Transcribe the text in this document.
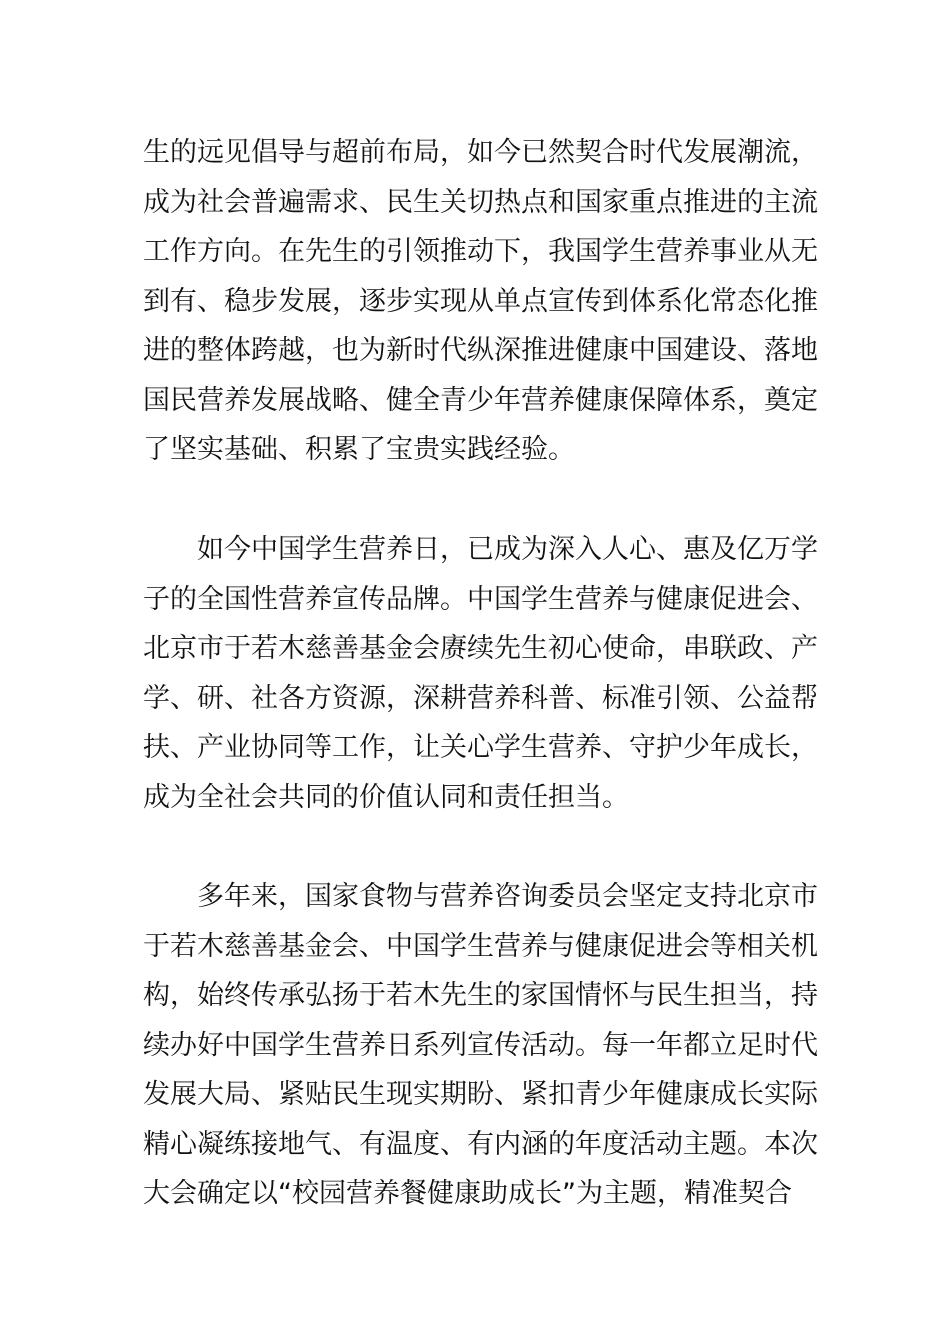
生的远见倡导与超前布局，如今已然契合时代发展潮流，
成为社会普遍需求、民生关切热点和国家重点推进的主流
工作方向。在先生的引领推动下，我国学生营养事业从无
到有、稳步发展，逐步实现从单点宣传到体系化常态化推
进的整体跨越，也为新时代纵深推进健康中国建设、落地
国民营养发展战略、健全青少年营养健康保障体系，奠定
了坚实基础、积累了宝贵实践经验。
如今中国学生营养日，已成为深入人心、惠及亿万学
子的全国性营养宣传品牌。中国学生营养与健康促进会、
北京市于若木慈善基金会赓续先生初心使命，串联政、产
学、研、社各方资源，深耕营养科普、标准引领、公益帮
扶、产业协同等工作，让关心学生营养、守护少年成长，
成为全社会共同的价值认同和责任担当。
多年来，国家食物与营养咨询委员会坚定支持北京市
于若木慈善基金会、中国学生营养与健康促进会等相关机
构，始终传承弘扬于若木先生的家国情怀与民生担当，持
续办好中国学生营养日系列宣传活动。每一年都立足时代
发展大局、紧贴民生现实期盼、紧扣青少年健康成长实际
精心凝练接地气、有温度、有内涵的年度活动主题。本次
大会确定以“校园营养餐健康助成长”为主题，精准契合
